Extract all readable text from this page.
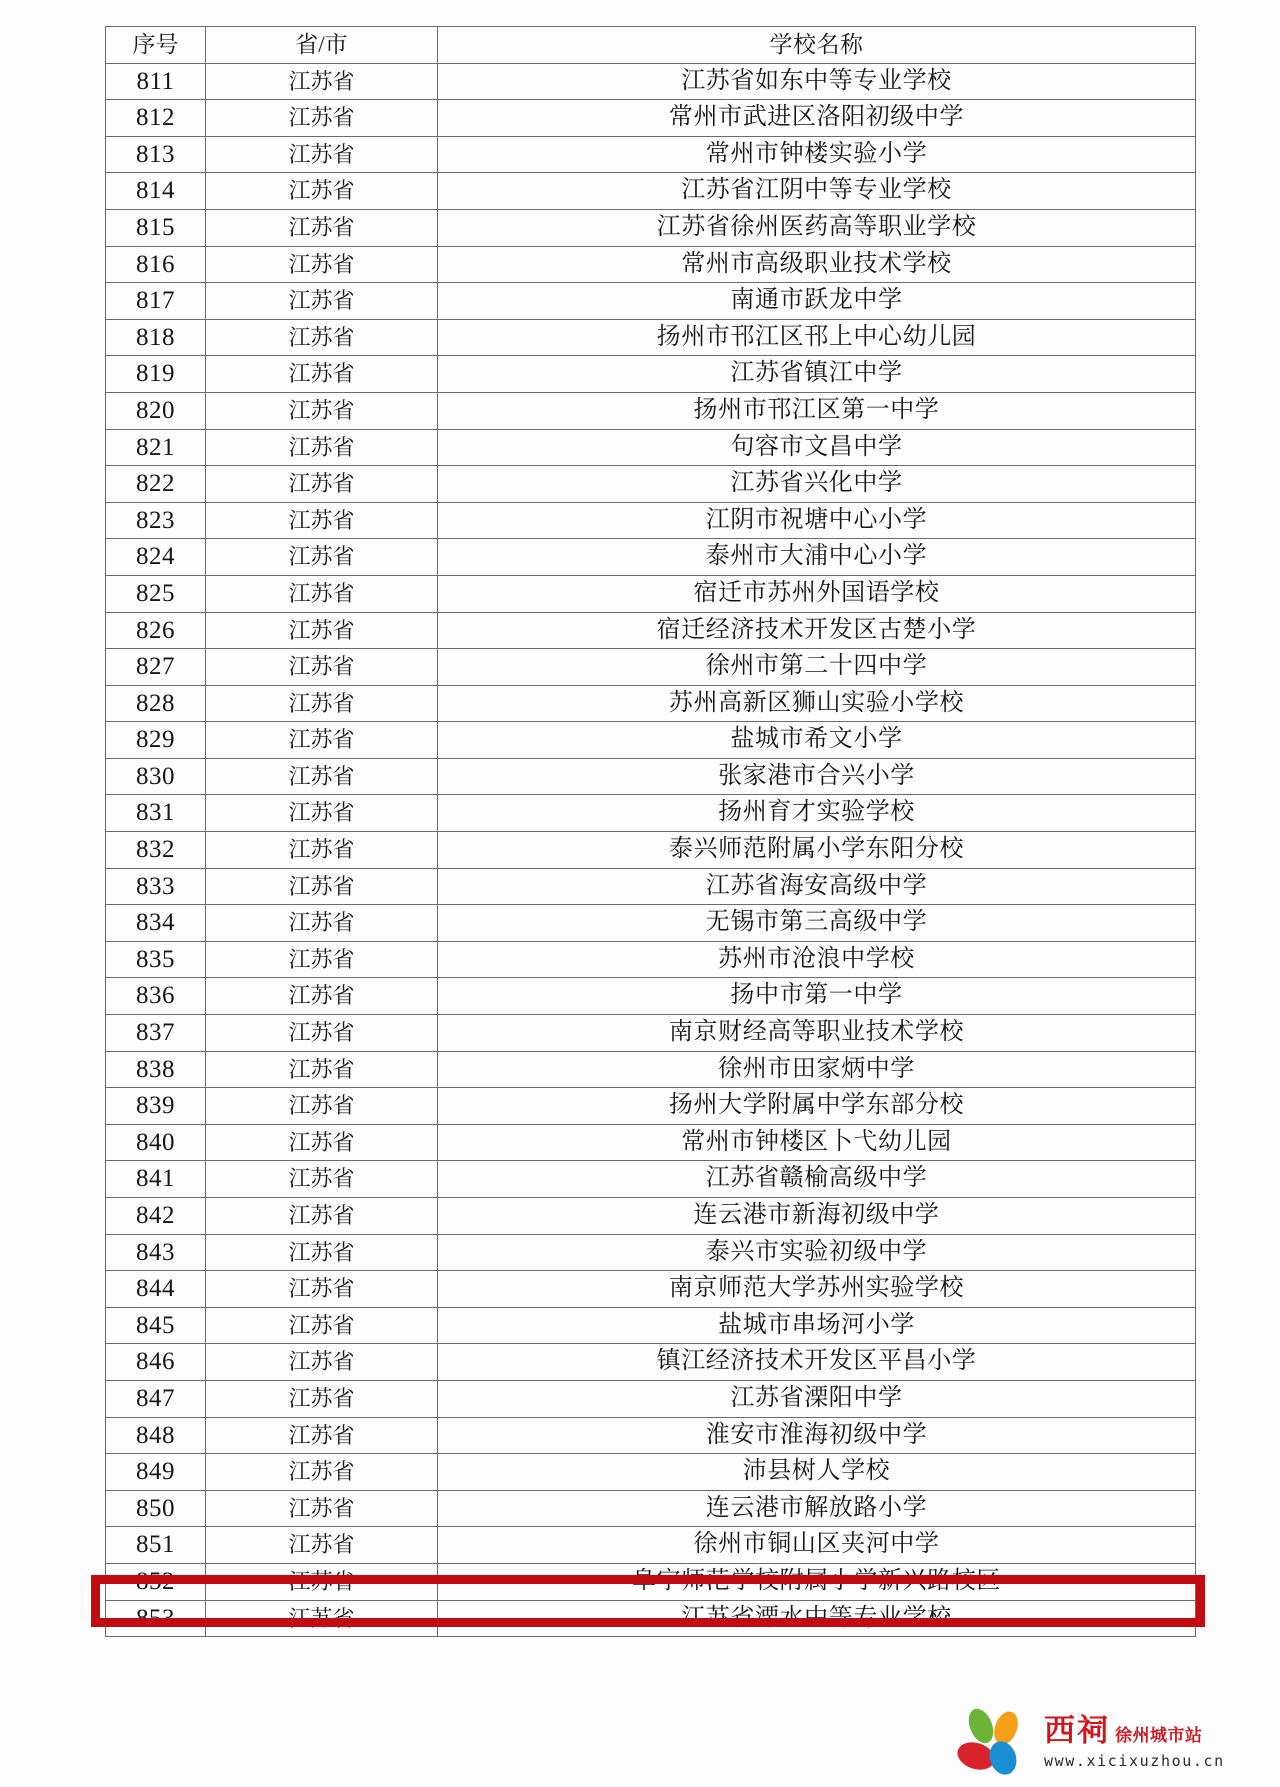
序号	省/市	学校名称
811	江苏省	江苏省如东中等专业学校
812	江苏省	常州市武进区洛阳初级中学
813	江苏省	常州市钟楼实验小学
814	江苏省	江苏省江阴中等专业学校
815	江苏省	江苏省徐州医药高等职业学校
816	江苏省	常州市高级职业技术学校
817	江苏省	南通市跃龙中学
818	江苏省	扬州市邗江区邗上中心幼儿园
819	江苏省	江苏省镇江中学
820	江苏省	扬州市邗江区第一中学
821	江苏省	句容市文昌中学
822	江苏省	江苏省兴化中学
823	江苏省	江阴市祝塘中心小学
824	江苏省	泰州市大浦中心小学
825	江苏省	宿迁市苏州外国语学校
826	江苏省	宿迁经济技术开发区古楚小学
827	江苏省	徐州市第二十四中学
828	江苏省	苏州高新区狮山实验小学校
829	江苏省	盐城市希文小学
830	江苏省	张家港市合兴小学
831	江苏省	扬州育才实验学校
832	江苏省	泰兴师范附属小学东阳分校
833	江苏省	江苏省海安高级中学
834	江苏省	无锡市第三高级中学
835	江苏省	苏州市沧浪中学校
836	江苏省	扬中市第一中学
837	江苏省	南京财经高等职业技术学校
838	江苏省	徐州市田家炳中学
839	江苏省	扬州大学附属中学东部分校
840	江苏省	常州市钟楼区卜弋幼儿园
841	江苏省	江苏省赣榆高级中学
842	江苏省	连云港市新海初级中学
843	江苏省	泰兴市实验初级中学
844	江苏省	南京师范大学苏州实验学校
845	江苏省	盐城市串场河小学
846	江苏省	镇江经济技术开发区平昌小学
847	江苏省	江苏省溧阳中学
848	江苏省	淮安市淮海初级中学
849	江苏省	沛县树人学校
850	江苏省	连云港市解放路小学
851	江苏省	徐州市铜山区夹河中学
852	江苏省	阜宁师范学校附属小学新兴路校区
853	江苏省	江苏省溧水中等专业学校
西祠 徐州城市站
www.xicixuzhou.cn
